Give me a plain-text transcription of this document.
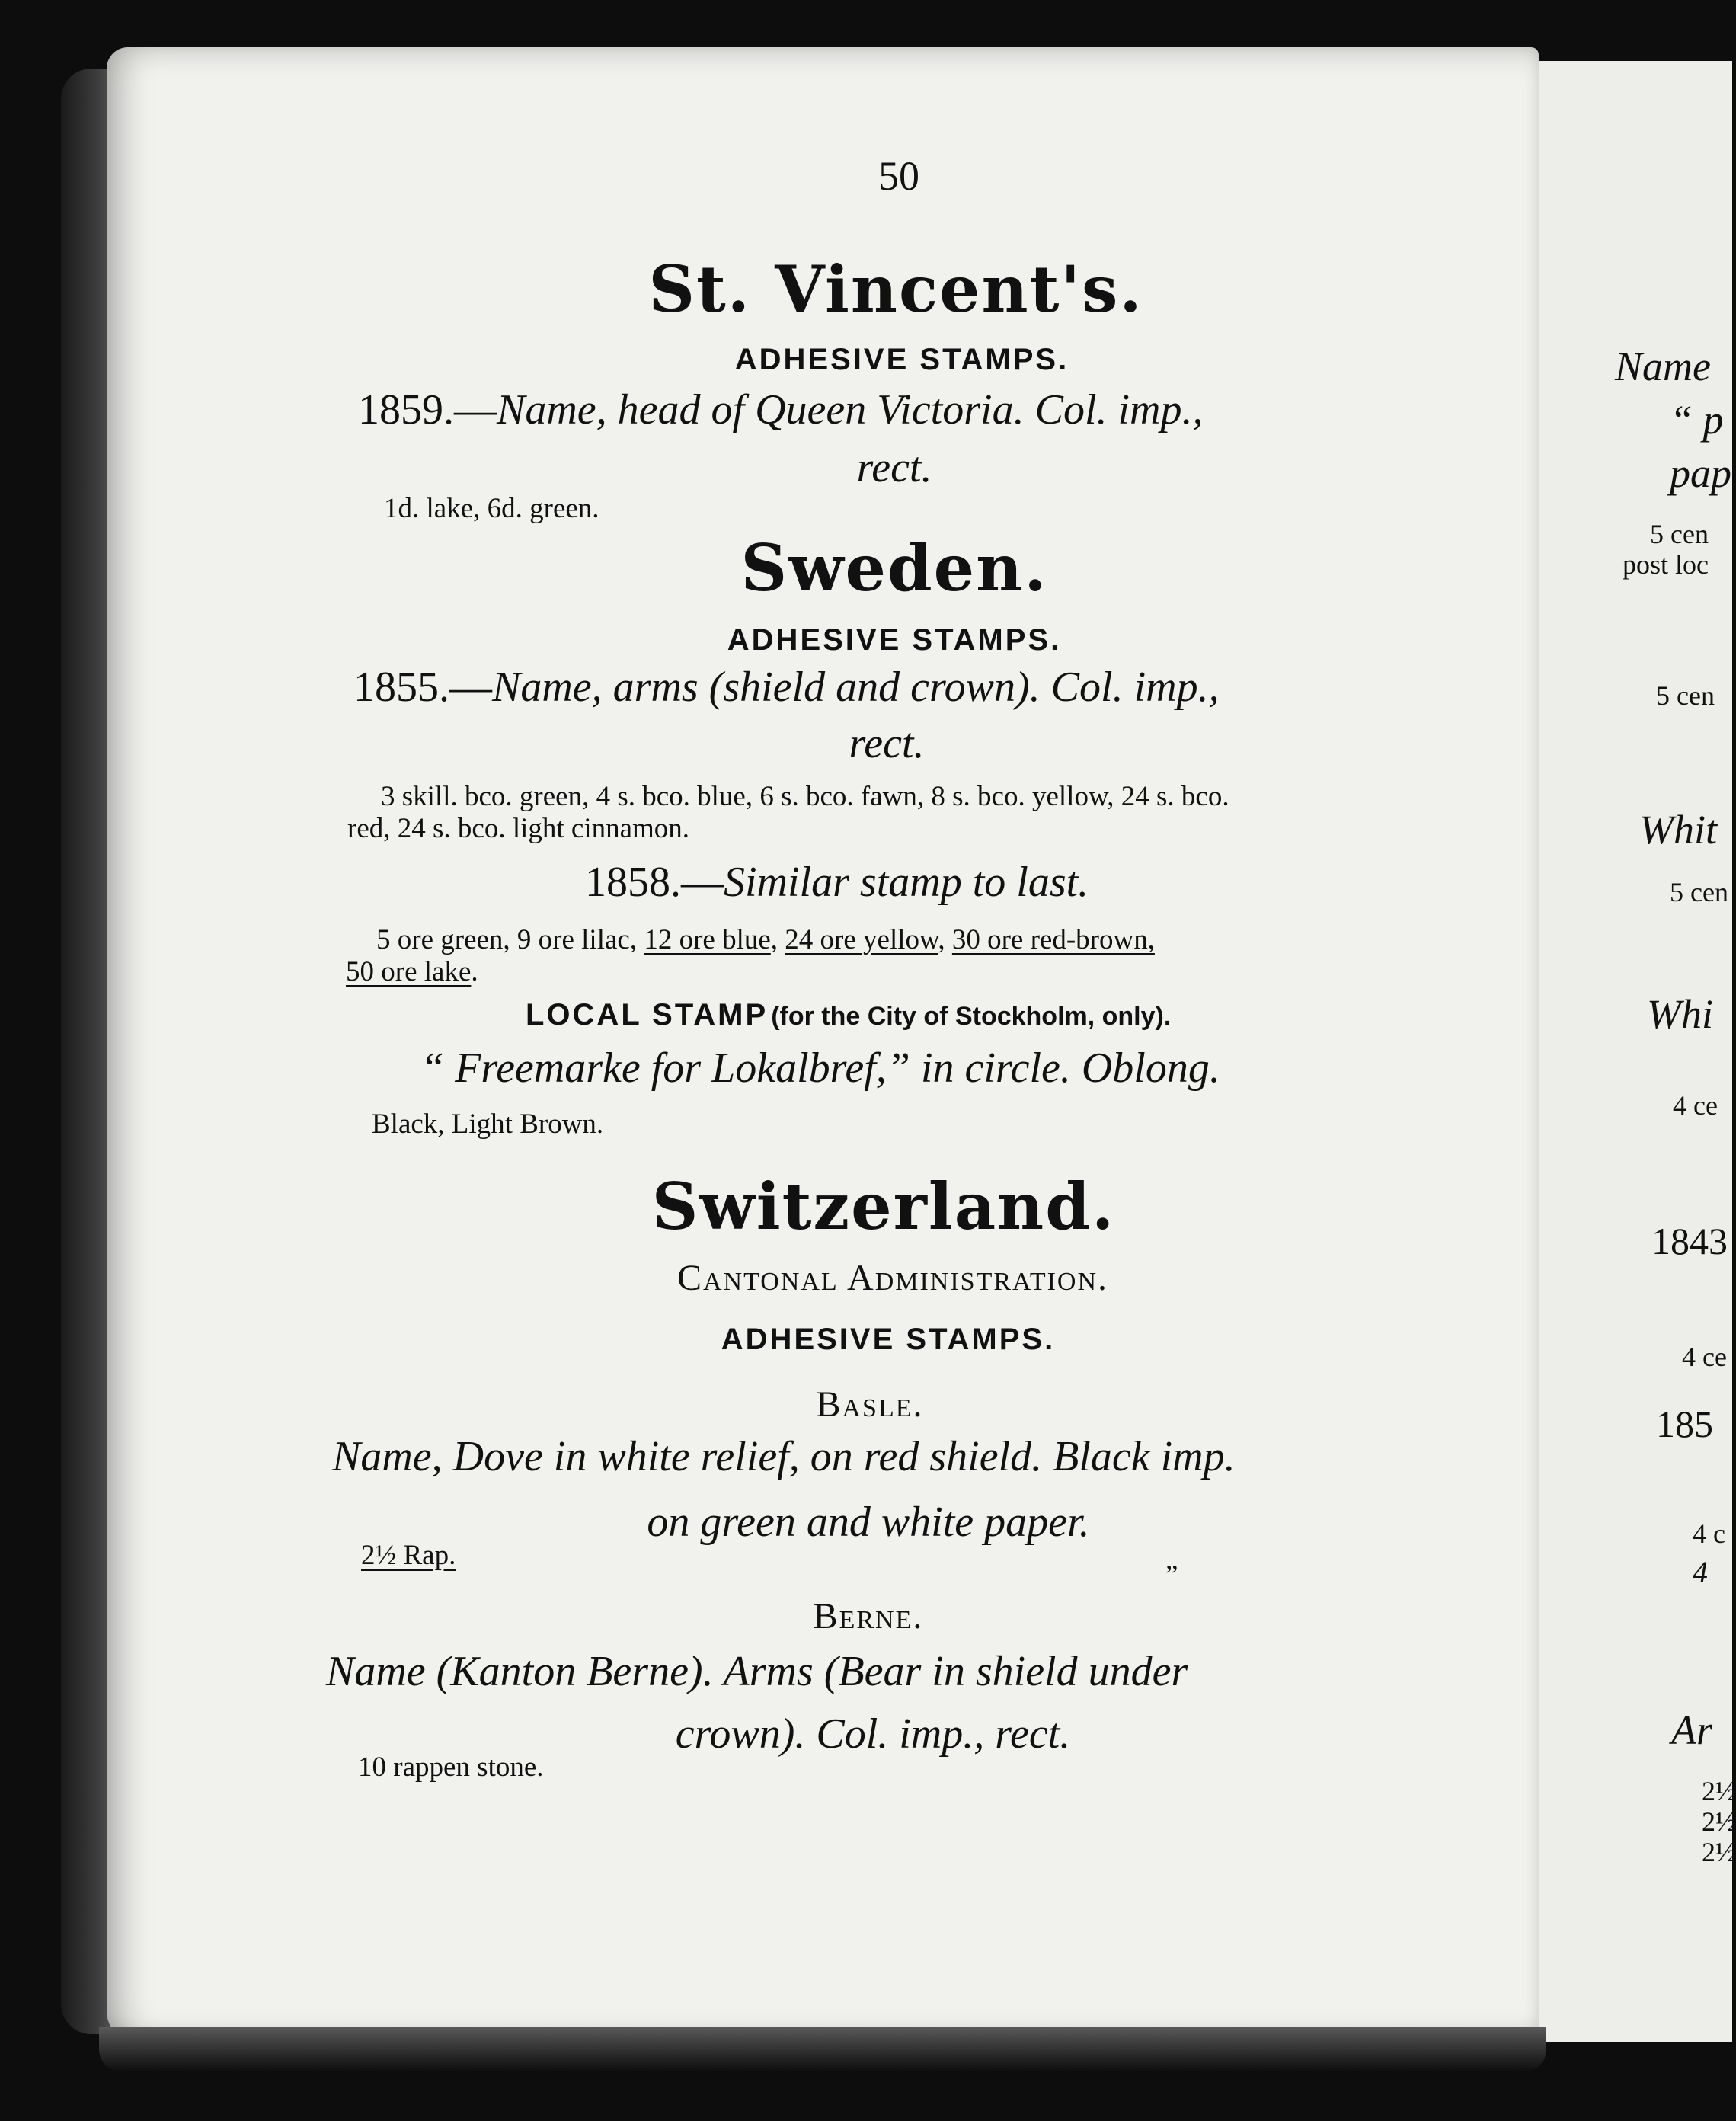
Name
“ p
pap
5 cen
post loc
5 cen
Whit
5 cen
Whi
4 ce
1843
4 ce
185
4 c
4
Ar
2½
2½
2½
50
St. Vincent's.
ADHESIVE STAMPS.
1859.—Name, head of Queen Victoria. Col. imp.,
rect.
1d. lake, 6d. green.
Sweden.
ADHESIVE STAMPS.
1855.—Name, arms (shield and crown). Col. imp.,
rect.
3 skill. bco. green, 4 s. bco. blue, 6 s. bco. fawn, 8 s. bco. yellow, 24 s. bco.
red, 24 s. bco. light cinnamon.
1858.—Similar stamp to last.
5 ore green, 9 ore lilac, 12 ore blue, 24 ore yellow, 30 ore red-brown,
50 ore lake.
LOCAL STAMP (for the City of Stockholm, only).
“ Freemarke for Lokalbref,” in circle. Oblong.
Black, Light Brown.
Switzerland.
Cantonal Administration.
ADHESIVE STAMPS.
Basle.
Name, Dove in white relief, on red shield. Black imp.
on green and white paper.
2½ Rap.	„
Berne.
Name (Kanton Berne). Arms (Bear in shield under
crown). Col. imp., rect.
10 rappen stone.
